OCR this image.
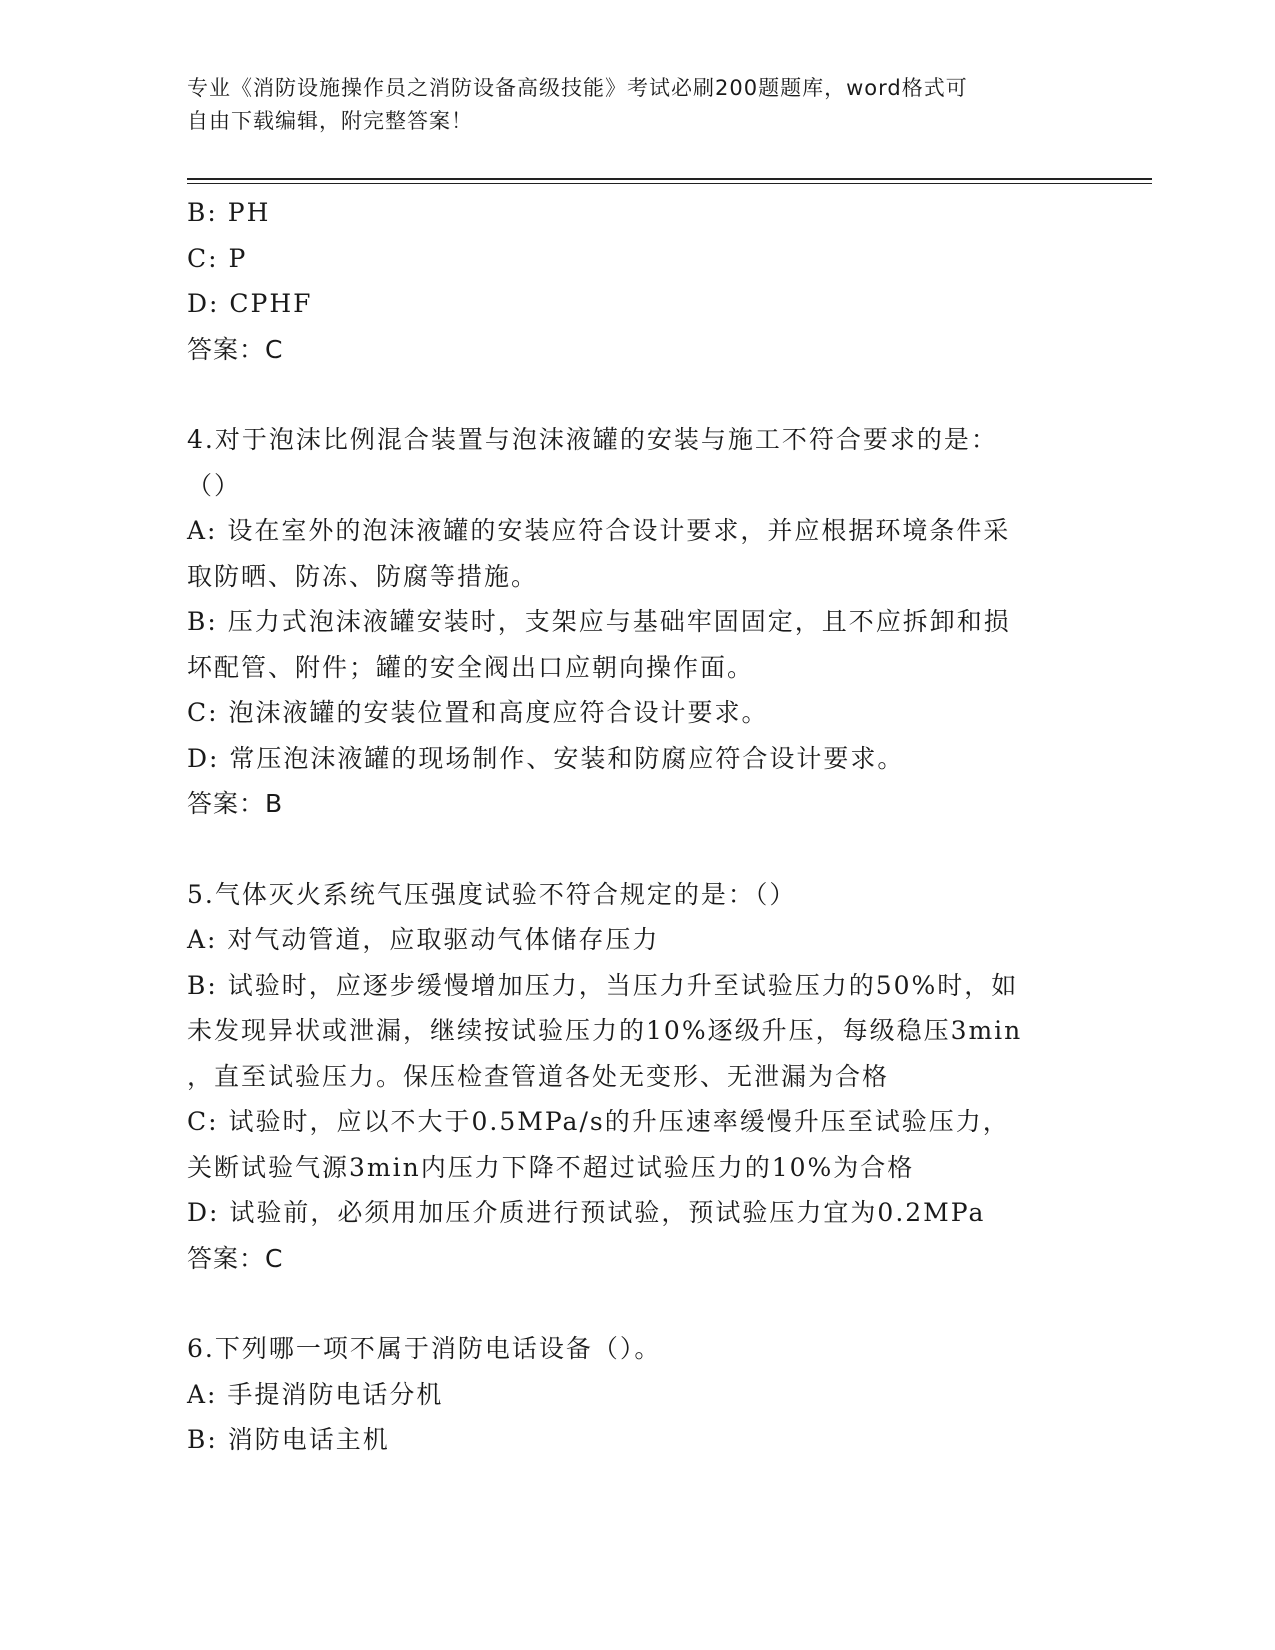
专业《消防设施操作员之消防设备高级技能》考试必刷200题题库，word格式可
自由下载编辑，附完整答案！

B: PH

C: P

D: CPHF

答案：C

4.对于泡沫比例混合装置与泡沫液罐的安装与施工不符合要求的是：

（）

A: 设在室外的泡沫液罐的安装应符合设计要求，并应根据环境条件采

取防晒、防冻、防腐等措施。

B: 压力式泡沫液罐安装时，支架应与基础牢固固定，且不应拆卸和损

坏配管、附件；罐的安全阀出口应朝向操作面。

C: 泡沫液罐的安装位置和高度应符合设计要求。

D: 常压泡沫液罐的现场制作、安装和防腐应符合设计要求。

答案：B

5.气体灭火系统气压强度试验不符合规定的是：（）

A: 对气动管道，应取驱动气体储存压力

B: 试验时，应逐步缓慢增加压力，当压力升至试验压力的50%时，如

未发现异状或泄漏，继续按试验压力的10%逐级升压，每级稳压3min

，直至试验压力。保压检查管道各处无变形、无泄漏为合格

C: 试验时，应以不大于0.5MPa/s的升压速率缓慢升压至试验压力，

关断试验气源3min内压力下降不超过试验压力的10%为合格

D: 试验前，必须用加压介质进行预试验，预试验压力宜为0.2MPa

答案：C

6.下列哪一项不属于消防电话设备（）。

A: 手提消防电话分机

B: 消防电话主机
